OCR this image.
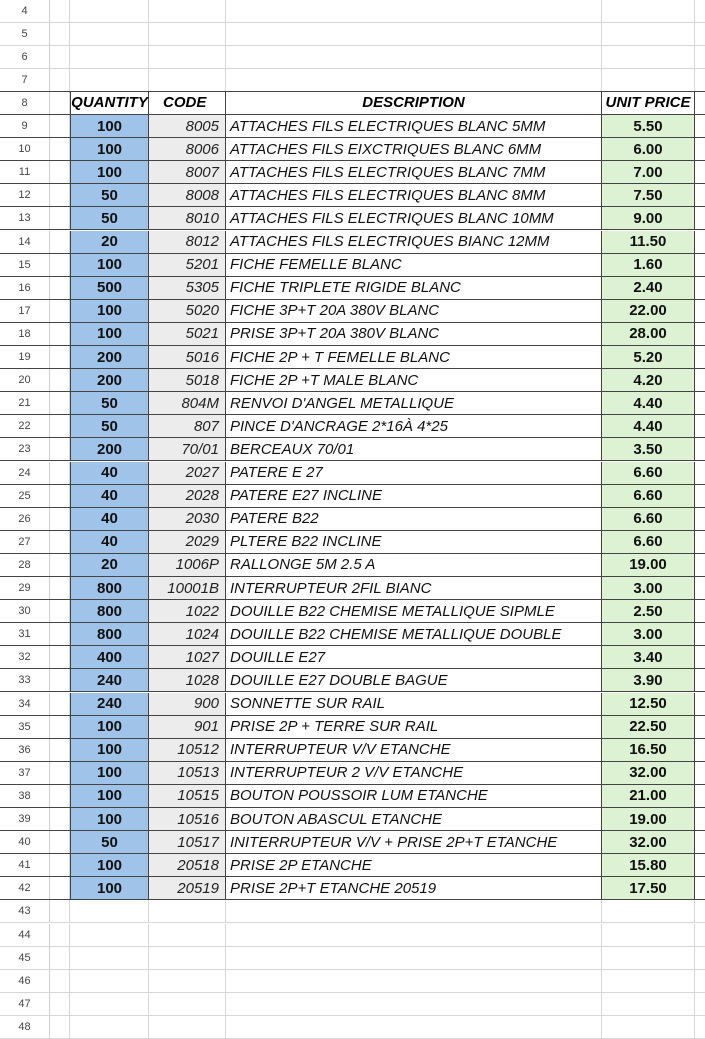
4
5
6
7
8	QUANTITY	CODE	DESCRIPTION	UNIT PRICE
9	100	8005 ATTACHES FILS ELECTRIQUES BLANC 5MM	5.50
10	100	8006 ATTACHES FILS EIXCTRIQUES BLANC 6MM	6.00
11	100	8007 ATTACHES FILS ELECTRIQUES BLANC 7MM	7.00
12	50	8008 ATTACHES FILS ELECTRIQUES BLANC 8MM	7.50
13	50	8010 ATTACHES FILS ELECTRIQUES BLANC 10MM	9.00
14	20	8012 ATTACHES FILS ELECTRIQUES BIANC 12MM	11.50
15	100	5201 FICHE FEMELLE BLANC	1.60
16	500	5305 FICHE TRIPLETE RIGIDE BLANC	2.40
17	100	5020 FICHE 3P+T 20A 380V BLANC	22.00
18	100	5021 PRISE 3P+T 20A 380V BLANC	28.00
19	200	5016 FICHE 2P + T FEMELLE BLANC	5.20
20	200	5018 FICHE 2P +T MALE BLANC	4.20
21	50	804M RENVOI D'ANGEL METALLIQUE	4.40
22	50	807 PINCE D'ANCRAGE 2*16À 4*25	4.40
23	200	70/01 BERCEAUX 70/01	3.50
24	40	2027 PATERE E 27	6.60
25	40	2028 PATERE E27 INCLINE	6.60
26	40	2030 PATERE B22	6.60
27	40	2029 PLTERE B22 INCLINE	6.60
28	20	1006P RALLONGE 5M 2.5 A	19.00
29	800	10001B INTERRUPTEUR 2FIL BIANC	3.00
30	800	1022 DOUILLE B22 CHEMISE METALLIQUE SIPMLE	2.50
31	800	1024 DOUILLE B22 CHEMISE METALLIQUE DOUBLE	3.00
32	400	1027 DOUILLE E27	3.40
33	240	1028 DOUILLE E27 DOUBLE BAGUE	3.90
34	240	900 SONNETTE SUR RAIL	12.50
35	100	901 PRISE 2P + TERRE SUR RAIL	22.50
36	100	10512 INTERRUPTEUR V/V ETANCHE	16.50
37	100	10513 INTERRUPTEUR 2 V/V ETANCHE	32.00
38	100	10515 BOUTON POUSSOIR LUM ETANCHE	21.00
39	100	10516 BOUTON ABASCUL ETANCHE	19.00
40	50	10517 INITERRUPTEUR V/V + PRISE 2P+T ETANCHE	32.00
41	100	20518 PRISE 2P ETANCHE	15.80
42	100	20519 PRISE 2P+T ETANCHE 20519	17.50
43
44
45
46
47
48
